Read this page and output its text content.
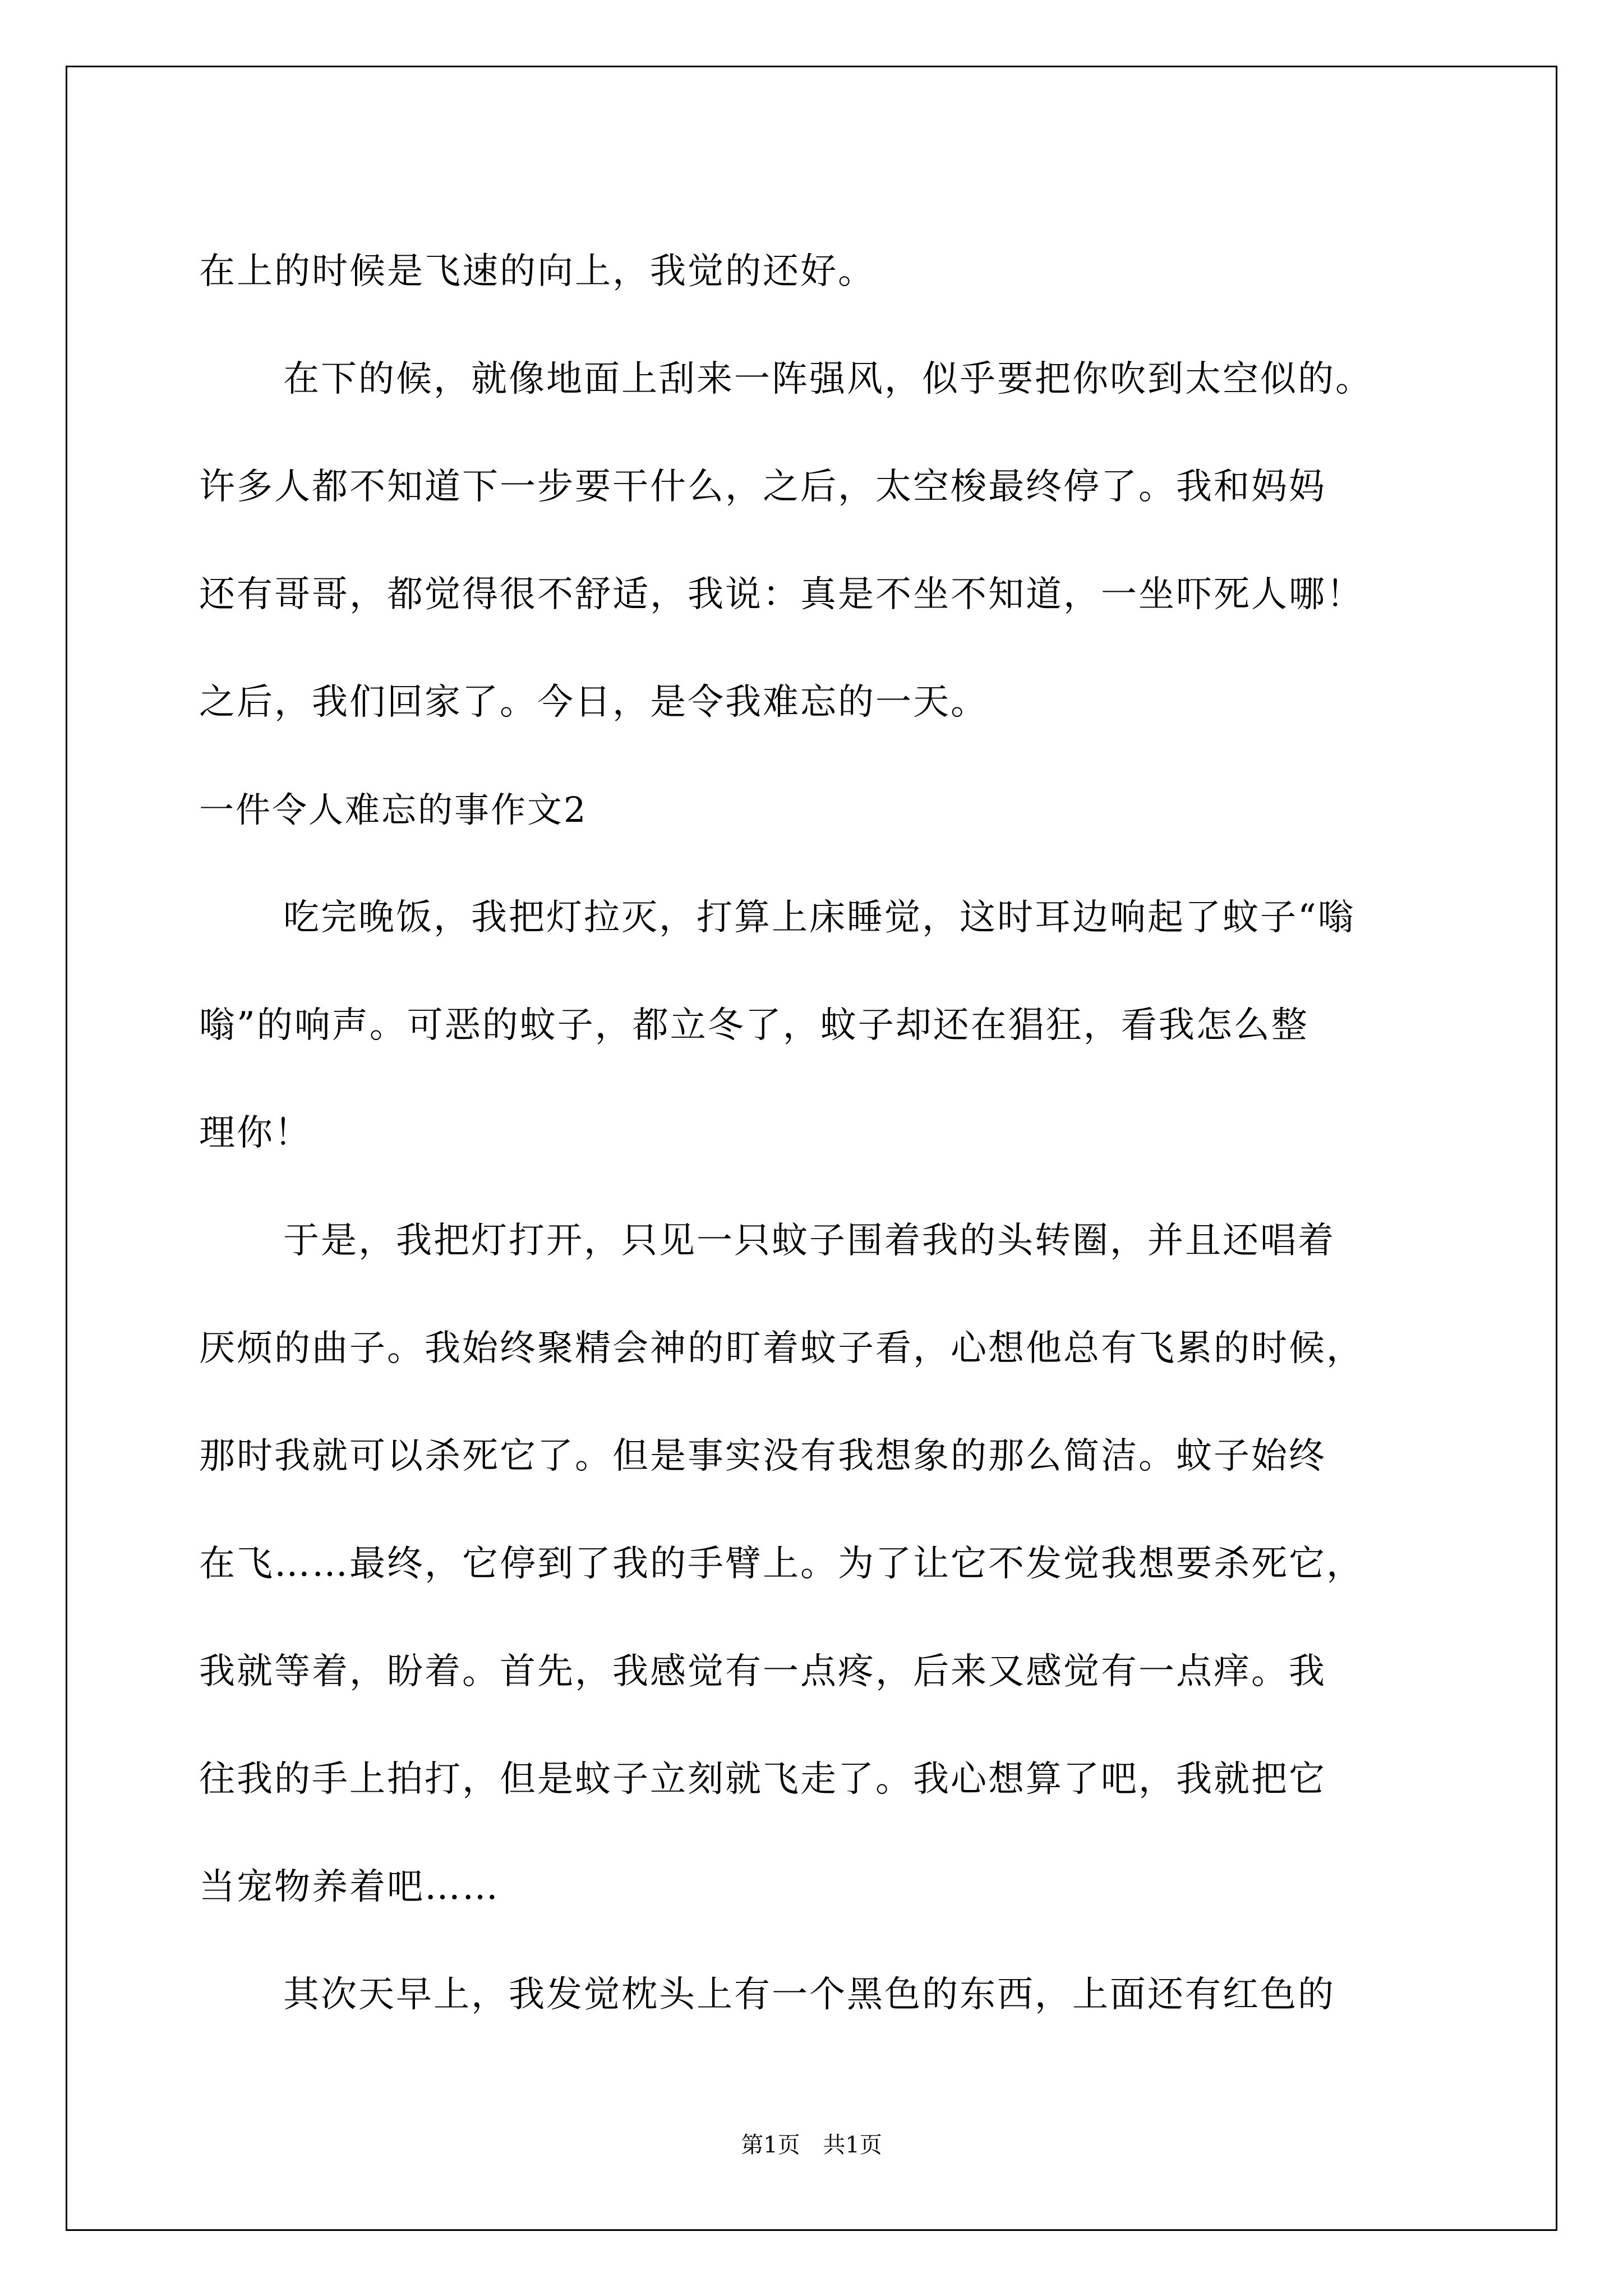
在上的时候是飞速的向上，我觉的还好。
在下的候，就像地面上刮来一阵强风，似乎要把你吹到太空似的。
许多人都不知道下一步要干什么，之后，太空梭最终停了。我和妈妈
还有哥哥，都觉得很不舒适，我说：真是不坐不知道，一坐吓死人哪！
之后，我们回家了。今日，是令我难忘的一天。
一件令人难忘的事作文2
吃完晚饭，我把灯拉灭，打算上床睡觉，这时耳边响起了蚊子“嗡
嗡”的响声。可恶的蚊子，都立冬了，蚊子却还在猖狂，看我怎么整
理你！
于是，我把灯打开，只见一只蚊子围着我的头转圈，并且还唱着
厌烦的曲子。我始终聚精会神的盯着蚊子看，心想他总有飞累的时候，
那时我就可以杀死它了。但是事实没有我想象的那么简洁。蚊子始终
在飞……最终，它停到了我的手臂上。为了让它不发觉我想要杀死它，
我就等着，盼着。首先，我感觉有一点疼，后来又感觉有一点痒。我
往我的手上拍打，但是蚊子立刻就飞走了。我心想算了吧，我就把它
当宠物养着吧……
其次天早上，我发觉枕头上有一个黑色的东西，上面还有红色的
第1页 共1页
